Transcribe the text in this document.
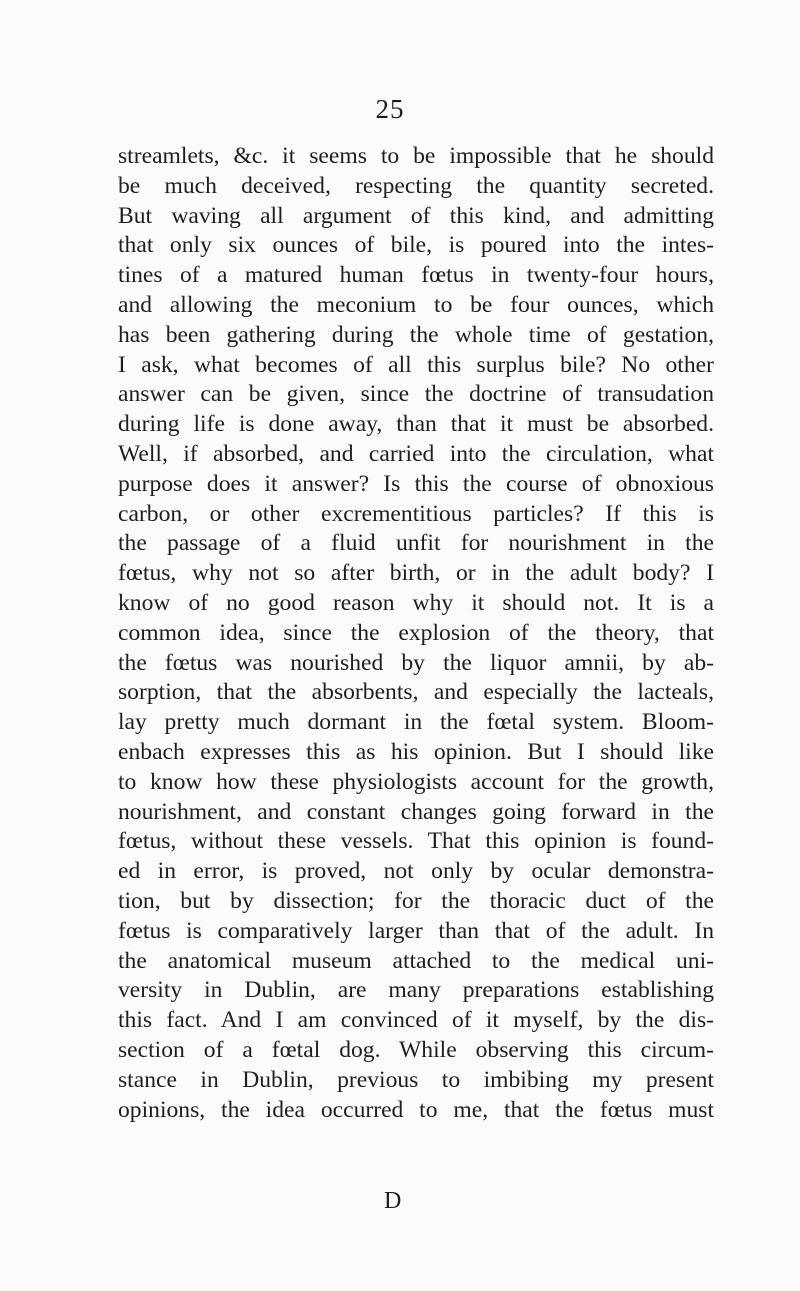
25
streamlets, &c. it seems to be impossible that he should
be much deceived, respecting the quantity secreted.
But waving all argument of this kind, and admitting
that only six ounces of bile, is poured into the intes-
tines of a matured human fœtus in twenty-four hours,
and allowing the meconium to be four ounces, which
has been gathering during the whole time of gestation,
I ask, what becomes of all this surplus bile? No other
answer can be given, since the doctrine of transudation
during life is done away, than that it must be absorbed.
Well, if absorbed, and carried into the circulation, what
purpose does it answer? Is this the course of obnoxious
carbon, or other excrementitious particles? If this is
the passage of a fluid unfit for nourishment in the
fœtus, why not so after birth, or in the adult body? I
know of no good reason why it should not. It is a
common idea, since the explosion of the theory, that
the fœtus was nourished by the liquor amnii, by ab-
sorption, that the absorbents, and especially the lacteals,
lay pretty much dormant in the fœtal system. Bloom-
enbach expresses this as his opinion. But I should like
to know how these physiologists account for the growth,
nourishment, and constant changes going forward in the
fœtus, without these vessels. That this opinion is found-
ed in error, is proved, not only by ocular demonstra-
tion, but by dissection; for the thoracic duct of the
fœtus is comparatively larger than that of the adult. In
the anatomical museum attached to the medical uni-
versity in Dublin, are many preparations establishing
this fact. And I am convinced of it myself, by the dis-
section of a fœtal dog. While observing this circum-
stance in Dublin, previous to imbibing my present
opinions, the idea occurred to me, that the fœtus must
D
